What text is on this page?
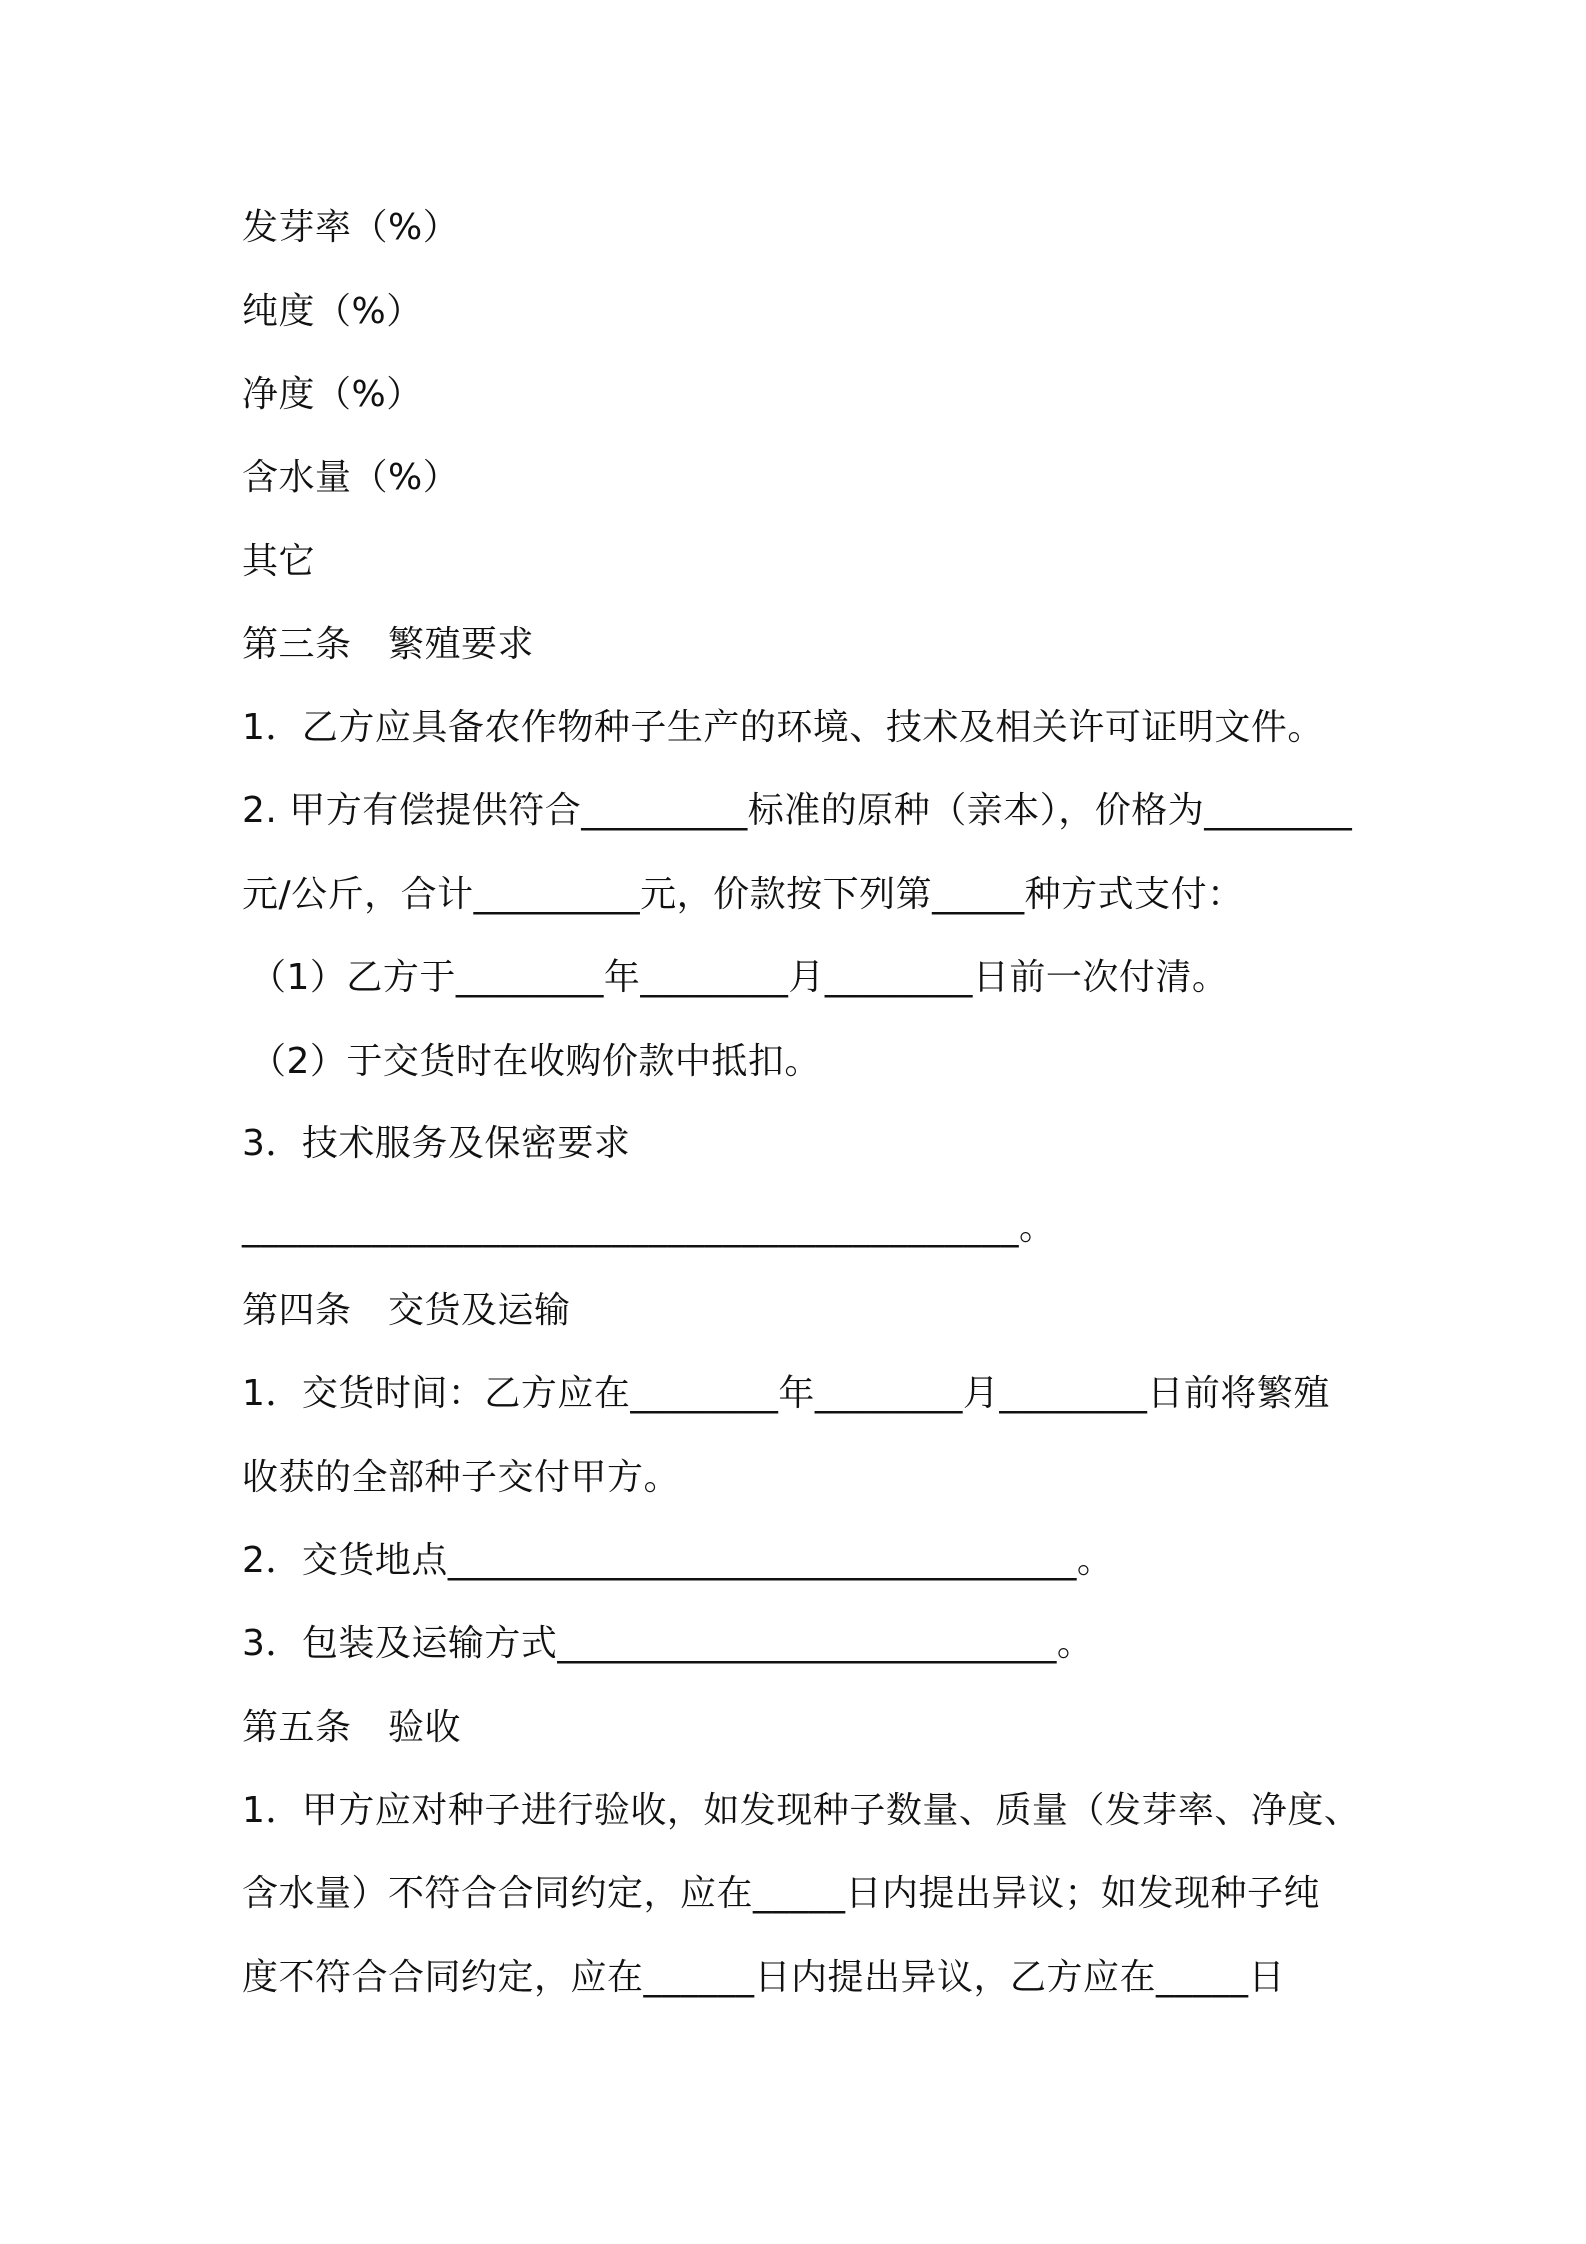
发芽率（%）
纯度（%）
净度（%）
含水量（%）
其它
第三条　繁殖要求
1．乙方应具备农作物种子生产的环境、技术及相关许可证明文件。
2. 甲方有偿提供符合_________标准的原种（亲本），价格为________
元/公斤，合计_________元，价款按下列第_____种方式支付：
（1）乙方于________年________月________日前一次付清。
（2）于交货时在收购价款中抵扣。
3．技术服务及保密要求
__________________________________________。
第四条　交货及运输
1．交货时间：乙方应在________年________月________日前将繁殖
收获的全部种子交付甲方。
2．交货地点__________________________________。
3．包装及运输方式___________________________。
第五条　验收
1．甲方应对种子进行验收，如发现种子数量、质量（发芽率、净度、
含水量）不符合合同约定，应在_____日内提出异议；如发现种子纯
度不符合合同约定，应在______日内提出异议，乙方应在_____日
